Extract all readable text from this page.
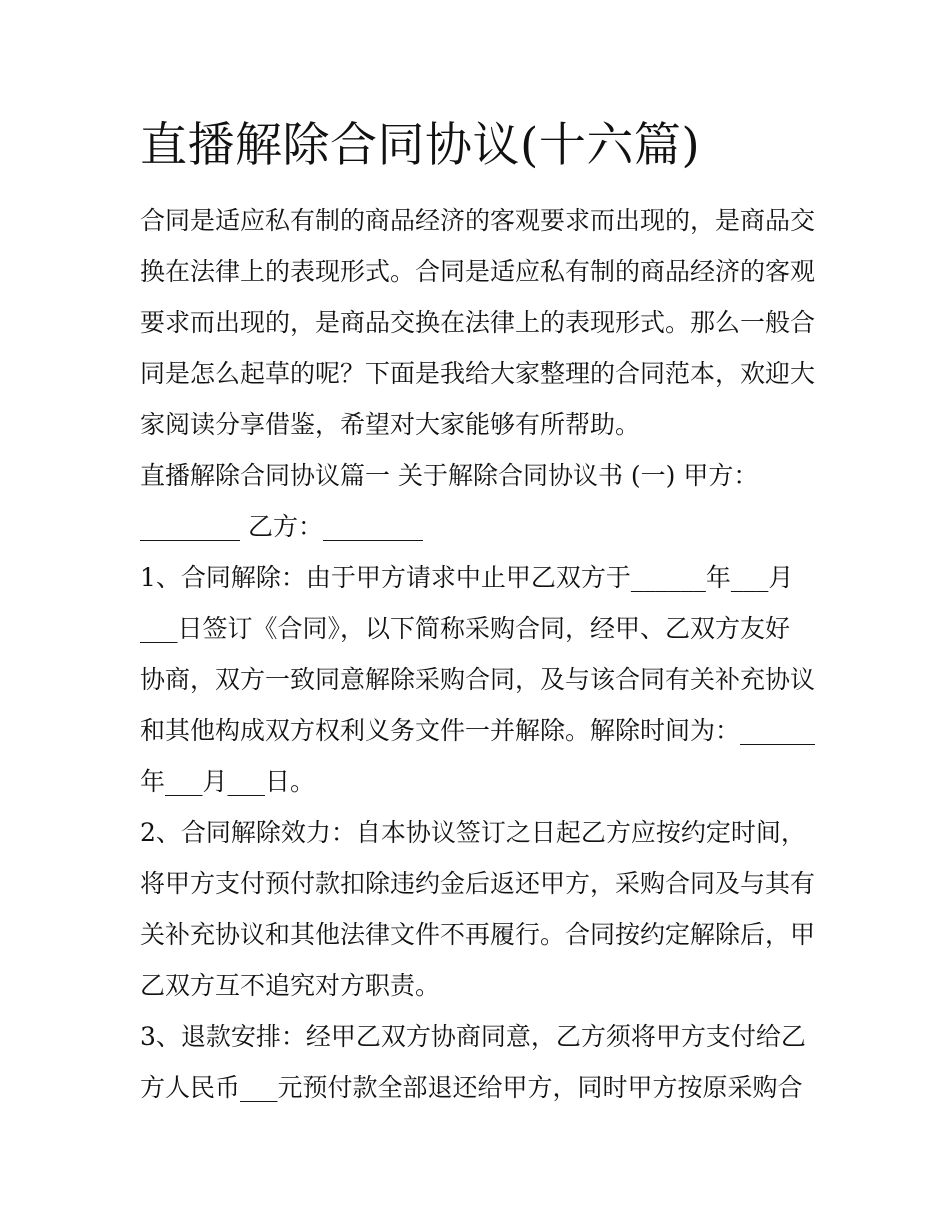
直播解除合同协议(十六篇)
合同是适应私有制的商品经济的客观要求而出现的，是商品交
换在法律上的表现形式。合同是适应私有制的商品经济的客观
要求而出现的，是商品交换在法律上的表现形式。那么一般合
同是怎么起草的呢？下面是我给大家整理的合同范本，欢迎大
家阅读分享借鉴，希望对大家能够有所帮助。
直播解除合同协议篇一 关于解除合同协议书 (一) 甲方：
________ 乙方：________
1、合同解除：由于甲方请求中止甲乙双方于______年___月
___日签订《合同》，以下简称采购合同，经甲、乙双方友好
协商，双方一致同意解除采购合同，及与该合同有关补充协议
和其他构成双方权利义务文件一并解除。解除时间为：______
年___月___日。
2、合同解除效力：自本协议签订之日起乙方应按约定时间，
将甲方支付预付款扣除违约金后返还甲方，采购合同及与其有
关补充协议和其他法律文件不再履行。合同按约定解除后，甲
乙双方互不追究对方职责。
3、退款安排：经甲乙双方协商同意，乙方须将甲方支付给乙
方人民币___元预付款全部退还给甲方，同时甲方按原采购合
